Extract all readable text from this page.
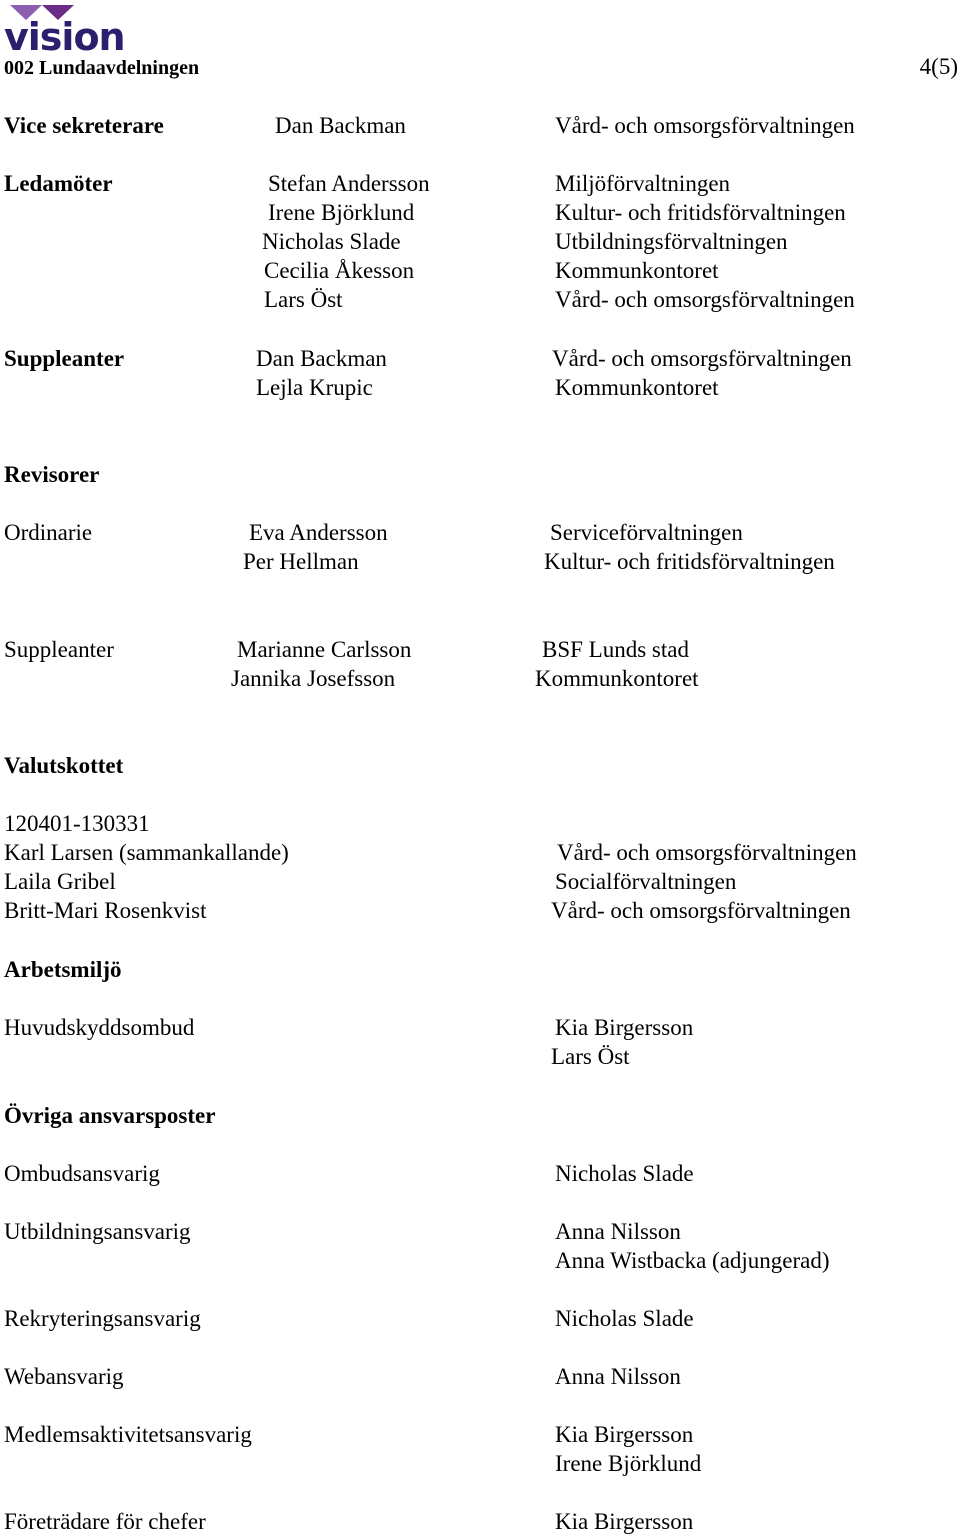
vision
002 Lundaavdelningen	4(5)
Vice sekreterare	Dan Backman	Vård- och omsorgsförvaltningen
Ledamöter	Stefan Andersson	Miljöförvaltningen
Irene Björklund	Kultur- och fritidsförvaltningen
Nicholas Slade	Utbildningsförvaltningen
Cecilia Åkesson	Kommunkontoret
Lars Öst	Vård- och omsorgsförvaltningen
Suppleanter	Dan Backman	Vård- och omsorgsförvaltningen
Lejla Krupic	Kommunkontoret
Revisorer
Ordinarie	Eva Andersson	Serviceförvaltningen
Per Hellman	Kultur- och fritidsförvaltningen
Suppleanter	Marianne Carlsson	BSF Lunds stad
Jannika Josefsson	Kommunkontoret
Valutskottet
120401-130331
Karl Larsen (sammankallande)	Vård- och omsorgsförvaltningen
Laila Gribel	Socialförvaltningen
Britt-Mari Rosenkvist	Vård- och omsorgsförvaltningen
Arbetsmiljö
Huvudskyddsombud	Kia Birgersson
Lars Öst
Övriga ansvarsposter
Ombudsansvarig	Nicholas Slade
Utbildningsansvarig	Anna Nilsson
Anna Wistbacka (adjungerad)
Rekryteringsansvarig	Nicholas Slade
Webansvarig	Anna Nilsson
Medlemsaktivitetsansvarig	Kia Birgersson
Irene Björklund
Företrädare för chefer	Kia Birgersson
